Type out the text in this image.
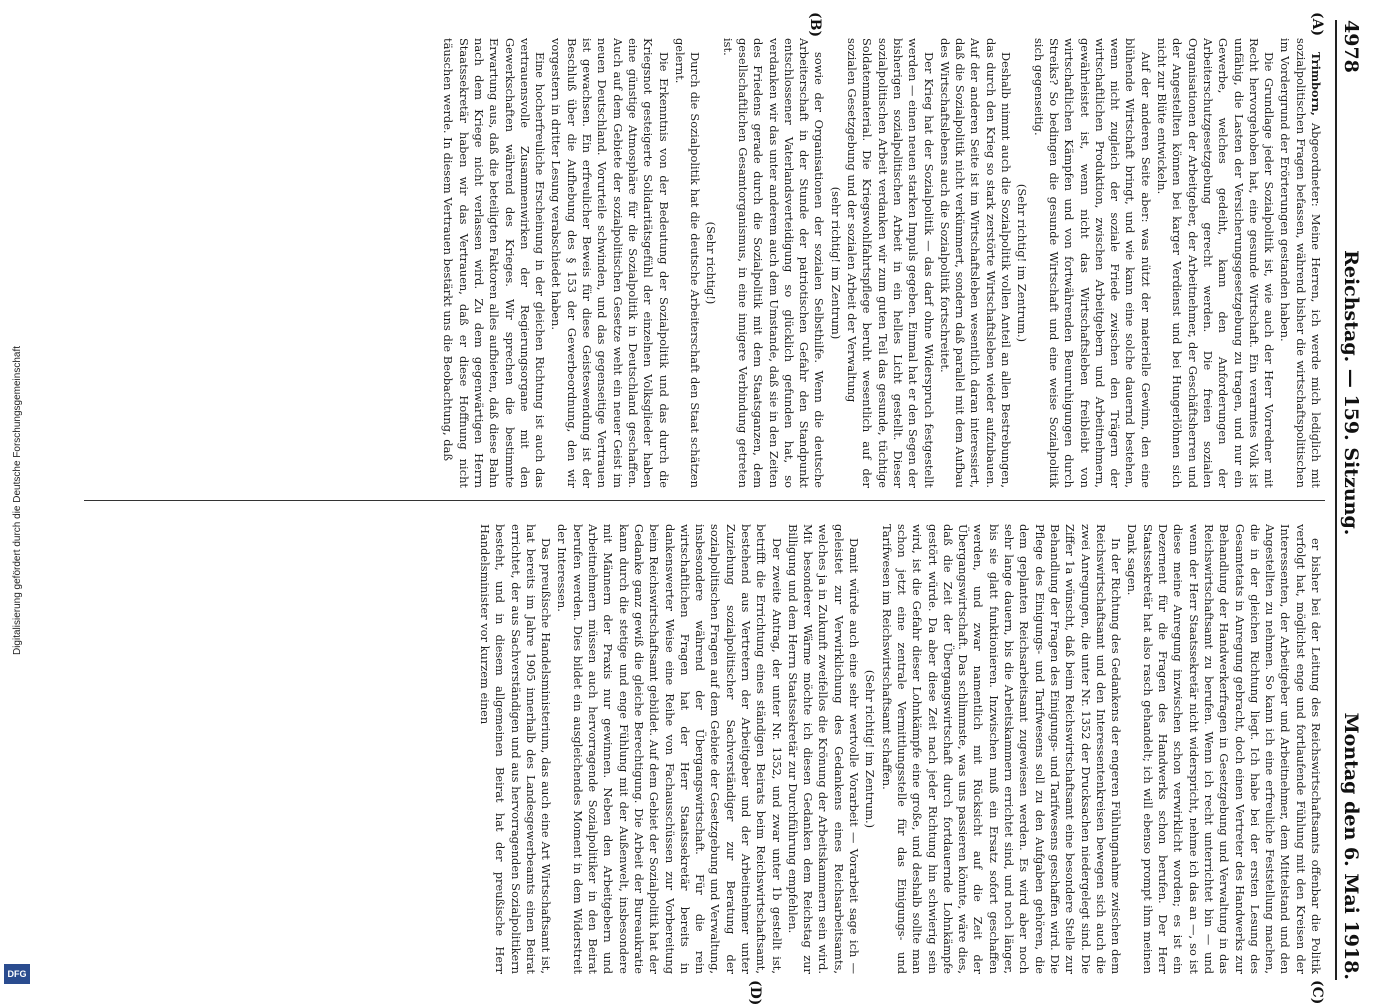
4978
Reichstag. — 159. Sitzung.
Montag den 6. Mai 1918.
(A)
(B)
(C)
(D)

Trimborn, Abgeordneter: Meine Herren, ich werde mich lediglich mit sozialpolitischen Fragen befassen, während bisher die wirtschaftspolitischen im Vordergrund der Erörterungen gestanden haben.

Die Grundlage jeder Sozialpolitik ist, wie auch der Herr Vorredner mit Recht hervorgehoben hat, eine gesunde Wirtschaft. Ein verarmtes Volk ist unfähig, die Lasten der Versicherungsgesetzgebung zu tragen, und nur ein Gewerbe, welches gedeiht, kann den Anforderungen der Arbeiterschutzgesetzgebung gerecht werden. Die freien sozialen Organisationen der Arbeitgeber, der Arbeitnehmer, der Geschäftsherren und der Angestellten können bei karger Verdienst und bei Hungerlöhnen sich nicht zur Blüte entwickeln.

Auf der anderen Seite aber: was nützt der materielle Gewinn, den eine blühende Wirtschaft bringt, und wie kann eine solche dauernd bestehen, wenn nicht zugleich der soziale Friede zwischen den Trägern der wirtschaftlichen Produktion, zwischen Arbeitgebern und Arbeitnehmern, gewährleistet ist, wenn nicht das Wirtschaftsleben freibleibt von wirtschaftlichen Kämpfen und von fortwährenden Beunruhigungen durch Streiks? So bedingen die gesunde Wirtschaft und eine weise Sozialpolitik sich gegenseitig.

(Sehr richtig! im Zentrum.)

Deshalb nimmt auch die Sozialpolitik vollen Anteil an allen Bestrebungen, das durch den Krieg so stark zerstörte Wirtschaftsleben wieder aufzubauen. Auf der anderen Seite ist im Wirtschaftsleben wesentlich daran interessiert, daß die Sozialpolitik nicht verkümmert, sondern daß parallel mit dem Aufbau des Wirtschaftslebens auch die Sozialpolitik fortschreitet.

Der Krieg hat der Sozialpolitik — das darf ohne Widerspruch festgestellt werden — einen neuen starken Impuls gegeben. Einmal hat er den Segen der bisherigen sozialpolitischen Arbeit in ein helles Licht gestellt. Dieser sozialpolitischen Arbeit verdanken wir zum guten Teil das gesunde, tüchtige Soldatenmaterial. Die Kriegswohlfahrtspflege beruht wesentlich auf der sozialen Gesetzgebung und der sozialen Arbeit der Verwaltung

(sehr richtig! im Zentrum)

sowie der Organisationen der sozialen Selbsthilfe. Wenn die deutsche Arbeiterschaft in der Stunde der patriotischen Gefahr den Standpunkt entschlossener Vaterlandsverteidigung so glücklich gefunden hat, so verdanken wir das unter anderem auch dem Umstande, daß sie in den Zeiten des Friedens gerade durch die Sozialpolitik mit dem Staatsganzen, dem gesellschaftlichen Gesamtorganismus, in eine innigere Verbindung getreten ist.

(Sehr richtig!)

Durch die Sozialpolitik hat die deutsche Arbeiterschaft den Staat schätzen gelernt.

Die Erkenntnis von der Bedeutung der Sozialpolitik und das durch die Kriegsnot gesteigerte Solidaritätsgefühl der einzelnen Volksglieder haben eine günstige Atmosphäre für die Sozialpolitik in Deutschland geschaffen. Auch auf dem Gebiete der sozialpolitischen Gesetze weht ein neuer Geist im neuen Deutschland. Vorurteile schwinden, und das gegenseitige Vertrauen ist gewachsen. Ein erfreulicher Beweis für diese Geisteswendung ist der Beschluß über die Aufhebung des § 153 der Gewerbeordnung, den wir vorgestern in dritter Lesung verabschiedet haben.

Eine hocherfreuliche Erscheinung in der gleichen Richtung ist auch das vertrauensvolle Zusammenwirken der Regierungsorgane mit den Gewerkschaften während des Krieges. Wir sprechen die bestimmte Erwartung aus, daß die beteiligten Faktoren alles aufbieten, daß diese Bahn nach dem Kriege nicht verlassen wird. Zu dem gegenwärtigen Herrn Staatssekretär haben wir das Vertrauen, daß er diese Hoffnung nicht täuschen werde. In diesem Vertrauen bestärkt uns die Beobachtung, daß

er bisher bei der Leitung des Reichswirtschaftsamts offenbar die Politik verfolgt hat, möglichst enge und fortlaufende Fühlung mit den Kreisen der Interessenten, der Arbeitgeber und Arbeitnehmer, dem Mittelstand und den Angestellten zu nehmen. So kann ich eine erfreuliche Feststellung machen, die in der gleichen Richtung liegt. Ich habe bei der ersten Lesung des Gesamtetats in Anregung gebracht, doch einen Vertreter des Handwerks zur Behandlung der Handwerkerfragen in Gesetzgebung und Verwaltung in das Reichswirtschaftsamt zu berufen. Wenn ich recht unterrichtet bin — und wenn der Herr Staatssekretär nicht widerspricht, nehme ich das an —, so ist diese meine Anregung inzwischen schon verwirklicht worden; es ist ein Dezernent für die Fragen des Handwerks schon berufen. Der Herr Staatssekretär hat also rasch gehandelt; ich will ebenso prompt ihm meinen Dank sagen.

In der Richtung des Gedankens der engeren Fühlungnahme zwischen dem Reichswirtschaftsamt und den Interessentenkreisen bewegen sich auch die zwei Anregungen, die unter Nr. 1352 der Drucksachen niedergelegt sind. Die Ziffer 1a wünscht, daß beim Reichswirtschaftsamt eine besondere Stelle zur Behandlung der Fragen des Einigungs- und Tarifwesens geschaffen wird. Die Pflege des Einigungs- und Tarifwesens soll zu den Aufgaben gehören, die dem geplanten Reichsarbeitsamt zugewiesen werden. Es wird aber noch sehr lange dauern, bis die Arbeitskammern errichtet sind, und noch länger, bis sie glatt funktionieren. Inzwischen muß ein Ersatz sofort geschaffen werden, und zwar namentlich mit Rücksicht auf die Zeit der Übergangswirtschaft. Das schlimmste, was uns passieren könnte, wäre dies, daß die Zeit der Übergangswirtschaft durch fortdauernde Lohnkämpfe gestört würde. Da aber diese Zeit nach jeder Richtung hin schwierig sein wird, ist die Gefahr dieser Lohnkämpfe eine große, und deshalb sollte man schon jetzt eine zentrale Vermittlungsstelle für das Einigungs- und Tarifwesen im Reichswirtschaftsamt schaffen.

(Sehr richtig! im Zentrum.)

Damit würde auch eine sehr wertvolle Vorarbeit — Vorarbeit sage ich — geleistet zur Verwirklichung des Gedankens eines Reichsarbeitsamts, welches ja in Zukunft zweifellos die Krönung der Arbeitskammern sein wird. Mit besonderer Wärme möchte ich diesen Gedanken dem Reichstag zur Billigung und dem Herrn Staatssekretär zur Durchführung empfehlen.

Der zweite Antrag, der unter Nr. 1352, und zwar unter 1b gestellt ist, betrifft die Errichtung eines ständigen Beirats beim Reichswirtschaftsamt, bestehend aus Vertretern der Arbeitgeber und der Arbeitnehmer unter Zuziehung sozialpolitischer Sachverständiger zur Beratung der sozialpolitischen Fragen auf dem Gebiete der Gesetzgebung und Verwaltung, insbesondere während der Übergangswirtschaft. Für die rein wirtschaftlichen Fragen hat der Herr Staatssekretär bereits in dankenswerter Weise eine Reihe von Fachausschüssen zur Vorbereitung beim Reichswirtschaftsamt gebildet. Auf dem Gebiet der Sozialpolitik hat der Gedanke ganz gewiß die gleiche Berechtigung. Die Arbeit der Bureaukratie kann durch die stetige und enge Fühlung mit der Außenwelt, insbesondere mit Männern der Praxis nur gewinnen. Neben den Arbeitgebern und Arbeitnehmern müssen auch hervorragende Sozialpolitiker in den Beirat berufen werden. Dies bildet ein ausgleichendes Moment in dem Widerstreit der Interessen.

Das preußische Handelsministerium, das auch eine Art Wirtschaftsamt ist, hat bereits im Jahre 1905 innerhalb des Landesgewerbeamts einen Beirat errichtet, der aus Sachverständigen und aus hervorragenden Sozialpolitikern besteht, und in diesem allgemeinen Beirat hat der preußische Herr Handelsminister vor kurzem einen

Digitalisierung gefördert durch die Deutsche Forschungsgemeinschaft
DFG
